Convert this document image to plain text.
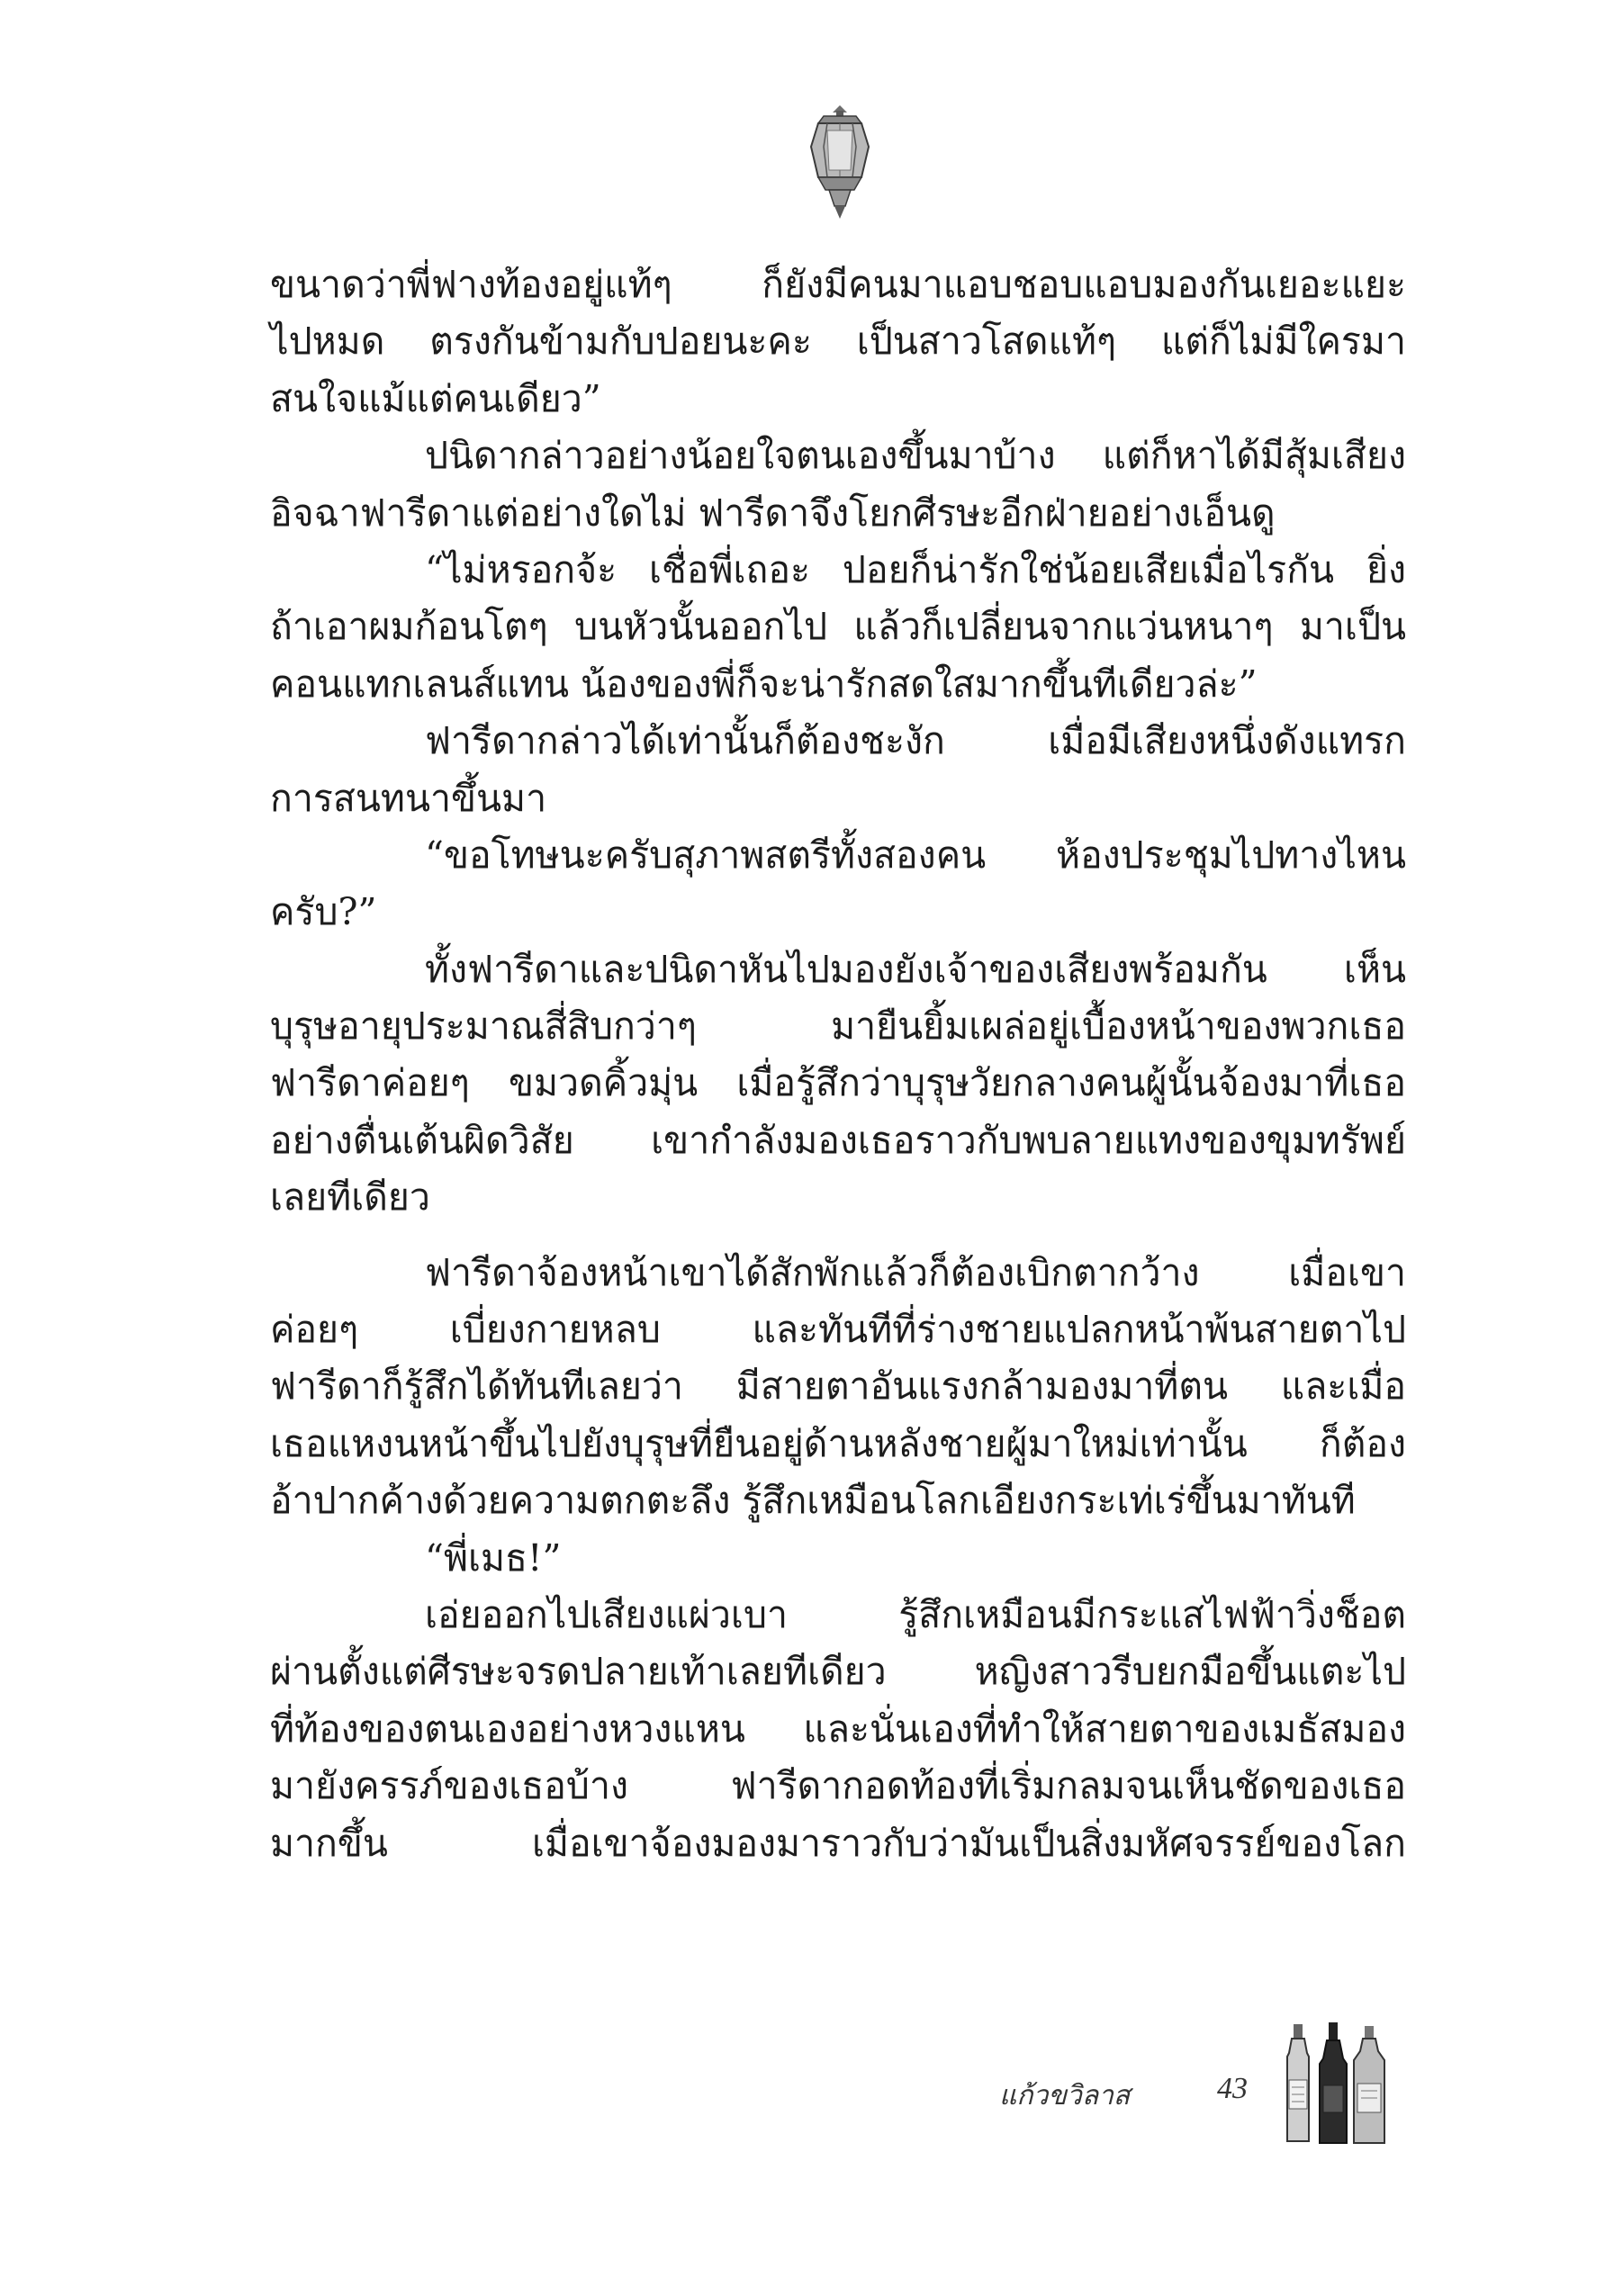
ขนาดว่าพี่ฟางท้องอยู่แท้ๆ ก็ยังมีคนมาแอบชอบแอบมองกันเยอะแยะ
ไปหมด ตรงกันข้ามกับปอยนะคะ เป็นสาวโสดแท้ๆ แต่ก็ไม่มีใครมา
สนใจแม้แต่คนเดียว”
ปนิดากล่าวอย่างน้อยใจตนเองขึ้นมาบ้าง แต่ก็หาได้มีสุ้มเสียง
อิจฉาฟารีดาแต่อย่างใดไม่ ฟารีดาจึงโยกศีรษะอีกฝ่ายอย่างเอ็นดู
“ไม่หรอกจ้ะ เชื่อพี่เถอะ ปอยก็น่ารักใช่น้อยเสียเมื่อไรกัน ยิ่ง
ถ้าเอาผมก้อนโตๆ บนหัวนั้นออกไป แล้วก็เปลี่ยนจากแว่นหนาๆ มาเป็น
คอนแทกเลนส์แทน น้องของพี่ก็จะน่ารักสดใสมากขึ้นทีเดียวล่ะ”
ฟารีดากล่าวได้เท่านั้นก็ต้องชะงัก เมื่อมีเสียงหนึ่งดังแทรก
การสนทนาขึ้นมา
“ขอโทษนะครับสุภาพสตรีทั้งสองคน ห้องประชุมไปทางไหน
ครับ?”
ทั้งฟารีดาและปนิดาหันไปมองยังเจ้าของเสียงพร้อมกัน เห็น
บุรุษอายุประมาณสี่สิบกว่าๆ มายืนยิ้มเผล่อยู่เบื้องหน้าของพวกเธอ
ฟารีดาค่อยๆ ขมวดคิ้วมุ่น เมื่อรู้สึกว่าบุรุษวัยกลางคนผู้นั้นจ้องมาที่เธอ
อย่างตื่นเต้นผิดวิสัย เขากำลังมองเธอราวกับพบลายแทงของขุมทรัพย์
เลยทีเดียว
ฟารีดาจ้องหน้าเขาได้สักพักแล้วก็ต้องเบิกตากว้าง เมื่อเขา
ค่อยๆ เบี่ยงกายหลบ และทันทีที่ร่างชายแปลกหน้าพ้นสายตาไป
ฟารีดาก็รู้สึกได้ทันทีเลยว่า มีสายตาอันแรงกล้ามองมาที่ตน และเมื่อ
เธอแหงนหน้าขึ้นไปยังบุรุษที่ยืนอยู่ด้านหลังชายผู้มาใหม่เท่านั้น ก็ต้อง
อ้าปากค้างด้วยความตกตะลึง รู้สึกเหมือนโลกเอียงกระเท่เร่ขึ้นมาทันที
“พี่เมธ!”
เอ่ยออกไปเสียงแผ่วเบา รู้สึกเหมือนมีกระแสไฟฟ้าวิ่งช็อต
ผ่านตั้งแต่ศีรษะจรดปลายเท้าเลยทีเดียว หญิงสาวรีบยกมือขึ้นแตะไป
ที่ท้องของตนเองอย่างหวงแหน และนั่นเองที่ทำให้สายตาของเมธัสมอง
มายังครรภ์ของเธอบ้าง ฟารีดากอดท้องที่เริ่มกลมจนเห็นชัดของเธอ
มากขึ้น เมื่อเขาจ้องมองมาราวกับว่ามันเป็นสิ่งมหัศจรรย์ของโลก
แก้วขวิลาส	43
